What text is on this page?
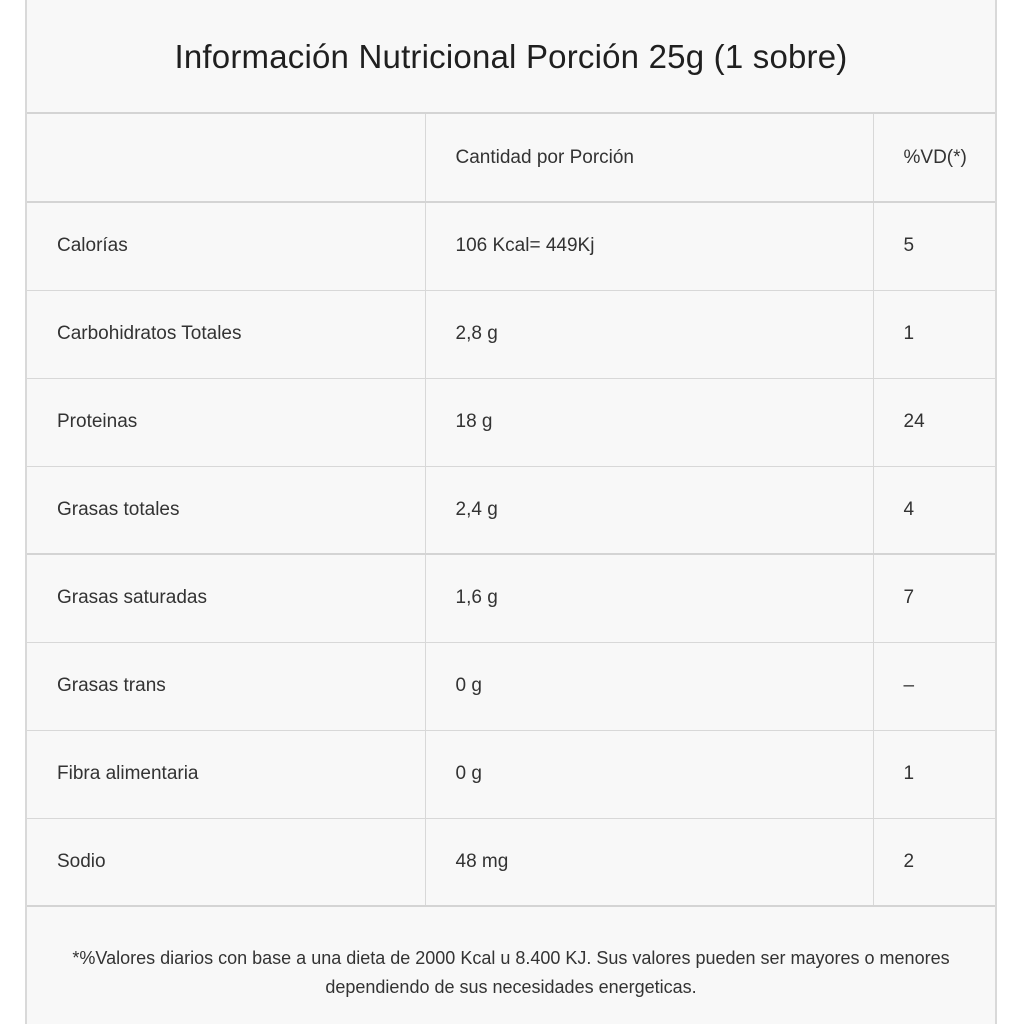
Información Nutricional Porción 25g (1 sobre)
	Cantidad por Porción	%VD(*)
Calorías	106 Kcal= 449Kj	5
Carbohidratos Totales	2,8 g	1
Proteinas	18 g	24
Grasas totales	2,4 g	4
Grasas saturadas	1,6 g	7
Grasas trans	0 g	–
Fibra alimentaria	0 g	1
Sodio	48 mg	2
*%Valores diarios con base a una dieta de 2000 Kcal u 8.400 KJ. Sus valores pueden ser mayores o menores dependiendo de sus necesidades energeticas.
